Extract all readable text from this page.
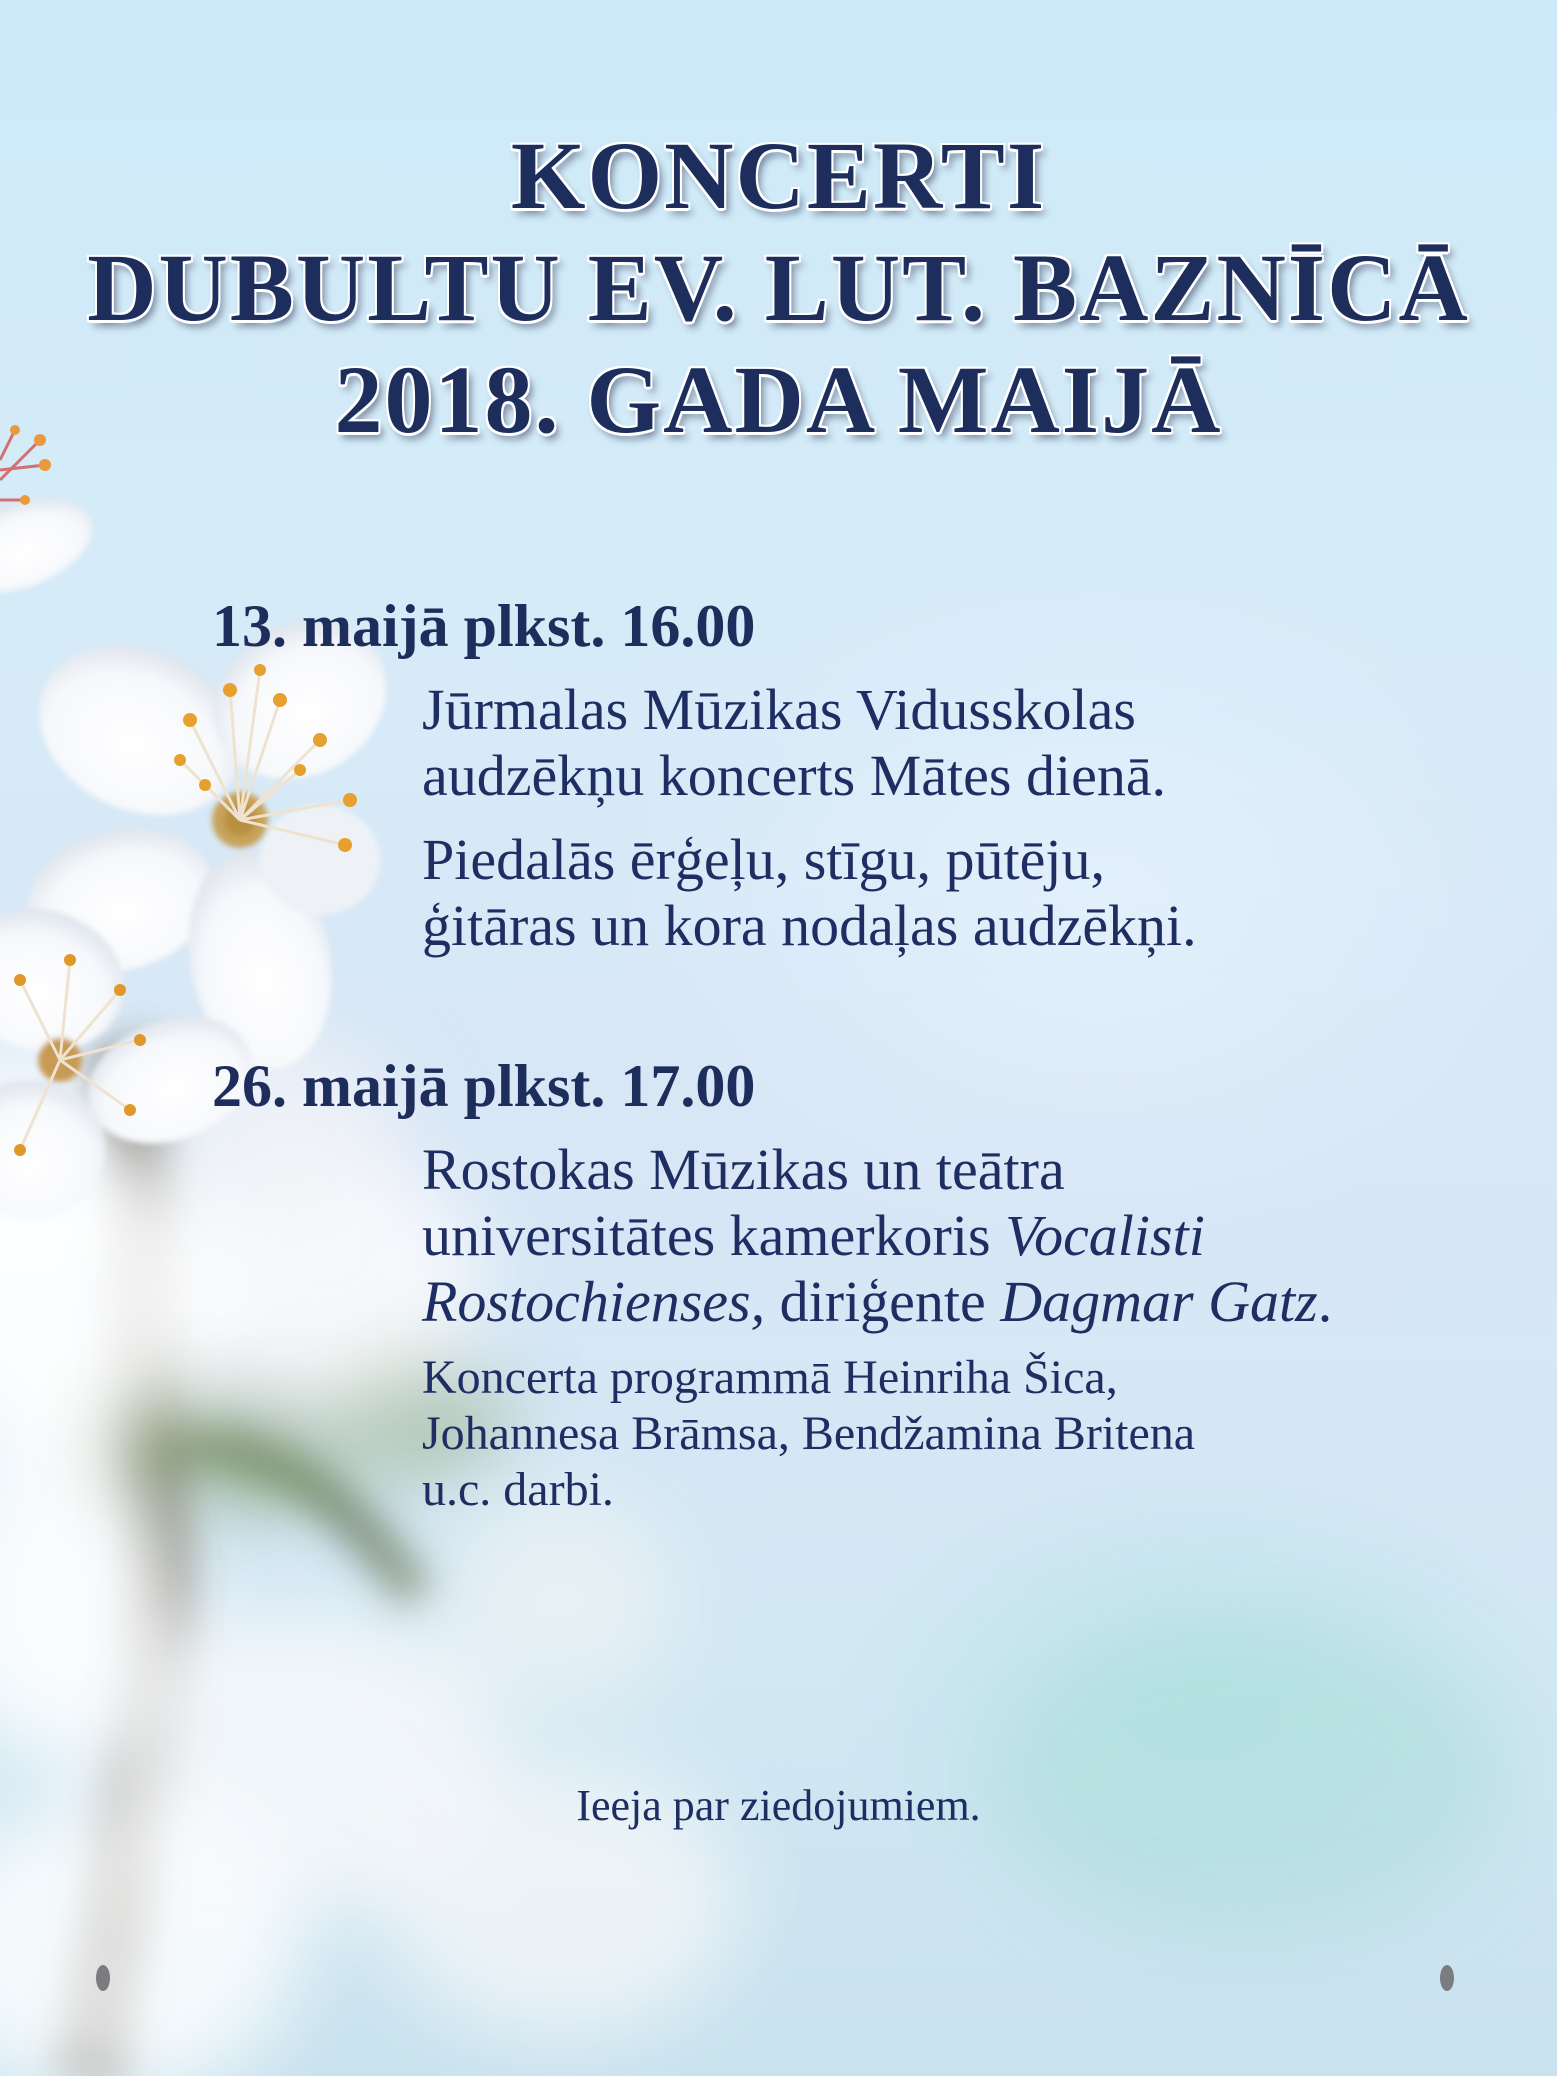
KONCERTI
DUBULTU EV. LUT. BAZNĪCĀ
2018. GADA MAIJĀ
13. maijā plkst. 16.00
Jūrmalas Mūzikas Vidusskolas
audzēkņu koncerts Mātes dienā.
Piedalās ērģeļu, stīgu, pūtēju,
ģitāras un kora nodaļas audzēkņi.
26. maijā plkst. 17.00
Rostokas Mūzikas un teātra
universitātes kamerkoris Vocalisti
Rostochienses, diriģente Dagmar Gatz.
Koncerta programmā Heinriha Šica,
Johannesa Brāmsa, Bendžamina Britena
u.c. darbi.
Ieeja par ziedojumiem.
